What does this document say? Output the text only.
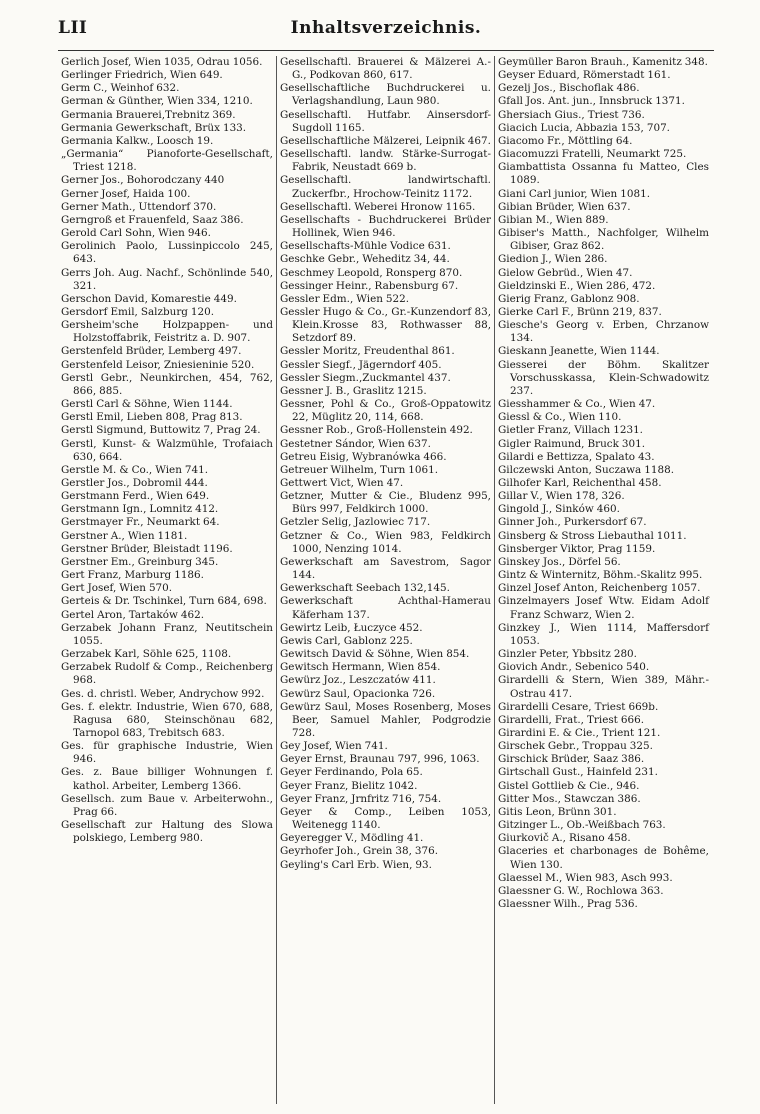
LII	Inhaltsverzeichnis.
Gerlich Josef, Wien 1035, Odrau 1056.
Gerlinger Friedrich, Wien 649.
Germ C., Weinhof 632.
German & Günther, Wien 334, 1210.
Germania Brauerei,Trebnitz 369.
Germania Gewerkschaft, Brüx 133.
Germania Kalkw., Loosch 19.
„Germania“ Pianoforte-Gesellschaft, Triest 1218.
Gerner Jos., Bohorodczany 440
Gerner Josef, Haida 100.
Gerner Math., Uttendorf 370.
Gerngroß et Frauenfeld, Saaz 386.
Gerold Carl Sohn, Wien 946.
Gerolinich Paolo, Lussinpiccolo 245, 643.
Gerrs Joh. Aug. Nachf., Schönlinde 540, 321.
Gerschon David, Komarestie 449.
Gersdorf Emil, Salzburg 120.
Gersheim'sche Holzpappen- und Holzstoffabrik, Feistritz a. D. 907.
Gerstenfeld Brüder, Lemberg 497.
Gerstenfeld Leisor, Zniesieninie 520.
Gerstl Gebr., Neunkirchen, 454, 762, 866, 885.
Gerstl Carl & Söhne, Wien 1144.
Gerstl Emil, Lieben 808, Prag 813.
Gerstl Sigmund, Buttowitz 7, Prag 24.
Gerstl, Kunst- & Walzmühle, Trofaiach 630, 664.
Gerstle M. & Co., Wien 741.
Gerstler Jos., Dobromil 444.
Gerstmann Ferd., Wien 649.
Gerstmann Ign., Lomnitz 412.
Gerstmayer Fr., Neumarkt 64.
Gerstner A., Wien 1181.
Gerstner Brüder, Bleistadt 1196.
Gerstner Em., Greinburg 345.
Gert Franz, Marburg 1186.
Gert Josef, Wien 570.
Gerteis & Dr. Tschinkel, Turn 684, 698.
Gertel Aron, Tartaków 462.
Gerzabek Johann Franz, Neutitschein 1055.
Gerzabek Karl, Söhle 625, 1108.
Gerzabek Rudolf & Comp., Reichenberg 968.
Ges. d. christl. Weber, Andrychow 992.
Ges. f. elektr. Industrie, Wien 670, 688, Ragusa 680, Steinschönau 682, Tarnopol 683, Trebitsch 683.
Ges. für graphische Industrie, Wien 946.
Ges. z. Baue billiger Wohnungen f. kathol. Arbeiter, Lemberg 1366.
Gesellsch. zum Baue v. Arbeiterwohn., Prag 66.
Gesellschaft zur Haltung des Slowa polskiego, Lemberg 980.
Gesellschaftl. Brauerei & Mälzerei A.-G., Podkovan 860, 617.
Gesellschaftliche Buchdruckerei u. Verlagshandlung, Laun 980.
Gesellschaftl. Hutfabr. Ainsersdorf-Sugdoll 1165.
Gesellschaftliche Mälzerei, Leipnik 467.
Gesellschaftl. landw. Stärke-Surrogat- Fabrik, Neustadt 669 b.
Gesellschaftl. landwirtschaftl. Zuckerfbr., Hrochow-Teinitz 1172.
Gesellschaftl. Weberei Hronow 1165.
Gesellschafts - Buchdruckerei Brüder Hollinek, Wien 946.
Gesellschafts-Mühle Vodice 631.
Geschke Gebr., Weheditz 34, 44.
Geschmey Leopold, Ronsperg 870.
Gessinger Heinr., Rabensburg 67.
Gessler Edm., Wien 522.
Gessler Hugo & Co., Gr.-Kunzendorf 83, Klein.Krosse 83, Rothwasser 88, Setzdorf 89.
Gessler Moritz, Freudenthal 861.
Gessler Siegf., Jägerndorf 405.
Gessler Siegm.,Zuckmantel 437.
Gessner J. B., Graslitz 1215.
Gessner, Pohl & Co., Groß-Oppatowitz 22, Müglitz 20, 114, 668.
Gessner Rob., Groß-Hollenstein 492.
Gestetner Sándor, Wien 637.
Getreu Eisig, Wybranówka 466.
Getreuer Wilhelm, Turn 1061.
Gettwert Vict, Wien 47.
Getzner, Mutter & Cie., Bludenz 995, Bürs 997, Feldkirch 1000.
Getzler Selig, Jazlowiec 717.
Getzner & Co., Wien 983, Feldkirch 1000, Nenzing 1014.
Gewerkschaft am Savestrom, Sagor 144.
Gewerkschaft Seebach 132,145.
Gewerkschaft Achthal-Hamerau Käferham 137.
Gewirtz Leib, Łuczyce 452.
Gewis Carl, Gablonz 225.
Gewitsch David & Söhne, Wien 854.
Gewitsch Hermann, Wien 854.
Gewürz Joz., Leszczatów 411.
Gewürz Saul, Opacionka 726.
Gewürz Saul, Moses Rosenberg, Moses Beer, Samuel Mahler, Podgrodzie 728.
Gey Josef, Wien 741.
Geyer Ernst, Braunau 797, 996, 1063.
Geyer Ferdinando, Pola 65.
Geyer Franz, Bielitz 1042.
Geyer Franz, Jrnfritz 716, 754.
Geyer & Comp., Leiben 1053, Weitenegg 1140.
Geyeregger V., Mödling 41.
Geyrhofer Joh., Grein 38, 376.
Geyling's Carl Erb. Wien, 93.
Geymüller Baron Brauh., Kamenitz 348.
Geyser Eduard, Römerstadt 161.
Gezelj Jos., Bischoflak 486.
Gfall Jos. Ant. jun., Innsbruck 1371.
Ghersiach Gius., Triest 736.
Giacich Lucia, Abbazia 153, 707.
Giacomo Fr., Möttling 64.
Giacomuzzi Fratelli, Neumarkt 725.
Giambattista Ossanna fu Matteo, Cles 1089.
Giani Carl junior, Wien 1081.
Gibian Brüder, Wien 637.
Gibian M., Wien 889.
Gibiser's Matth., Nachfolger, Wilhelm Gibiser, Graz 862.
Giedion J., Wien 286.
Gielow Gebrüd., Wien 47.
Gieldzinski E., Wien 286, 472.
Gierig Franz, Gablonz 908.
Gierke Carl F., Brünn 219, 837.
Giesche's Georg v. Erben, Chrzanow 134.
Gieskann Jeanette, Wien 1144.
Giesserei der Böhm. Skalitzer Vorschusskassa, Klein-Schwadowitz 237.
Giesshammer & Co., Wien 47.
Giessl & Co., Wien 110.
Gietler Franz, Villach 1231.
Gigler Raimund, Bruck 301.
Gilardi e Bettizza, Spalato 43.
Gilczewski Anton, Suczawa 1188.
Gilhofer Karl, Reichenthal 458.
Gillar V., Wien 178, 326.
Gingold J., Sinków 460.
Ginner Joh., Purkersdorf 67.
Ginsberg & Stross Liebauthal 1011.
Ginsberger Viktor, Prag 1159.
Ginskey Jos., Dörfel 56.
Gintz & Winternitz, Böhm.-Skalitz 995.
Ginzel Josef Anton, Reichenberg 1057.
Ginzelmayers Josef Wtw. Eidam Adolf Franz Schwarz, Wien 2.
Ginzkey J., Wien 1114, Maffersdorf 1053.
Ginzler Peter, Ybbsitz 280.
Giovich Andr., Sebenico 540.
Girardelli & Stern, Wien 389, Mähr.-Ostrau 417.
Girardelli Cesare, Triest 669b.
Girardelli, Frat., Triest 666.
Girardini E. & Cie., Trient 121.
Girschek Gebr., Troppau 325.
Girschick Brüder, Saaz 386.
Girtschall Gust., Hainfeld 231.
Gistel Gottlieb & Cie., 946.
Gitter Mos., Stawczan 386.
Gitis Leon, Brünn 301.
Gitzinger L., Ob.-Weißbach 763.
Giurkovič A., Risano 458.
Glaceries et charbonages de Bohême, Wien 130.
Glaessel M., Wien 983, Asch 993.
Glaessner G. W., Rochlowa 363.
Glaessner Wilh., Prag 536.
